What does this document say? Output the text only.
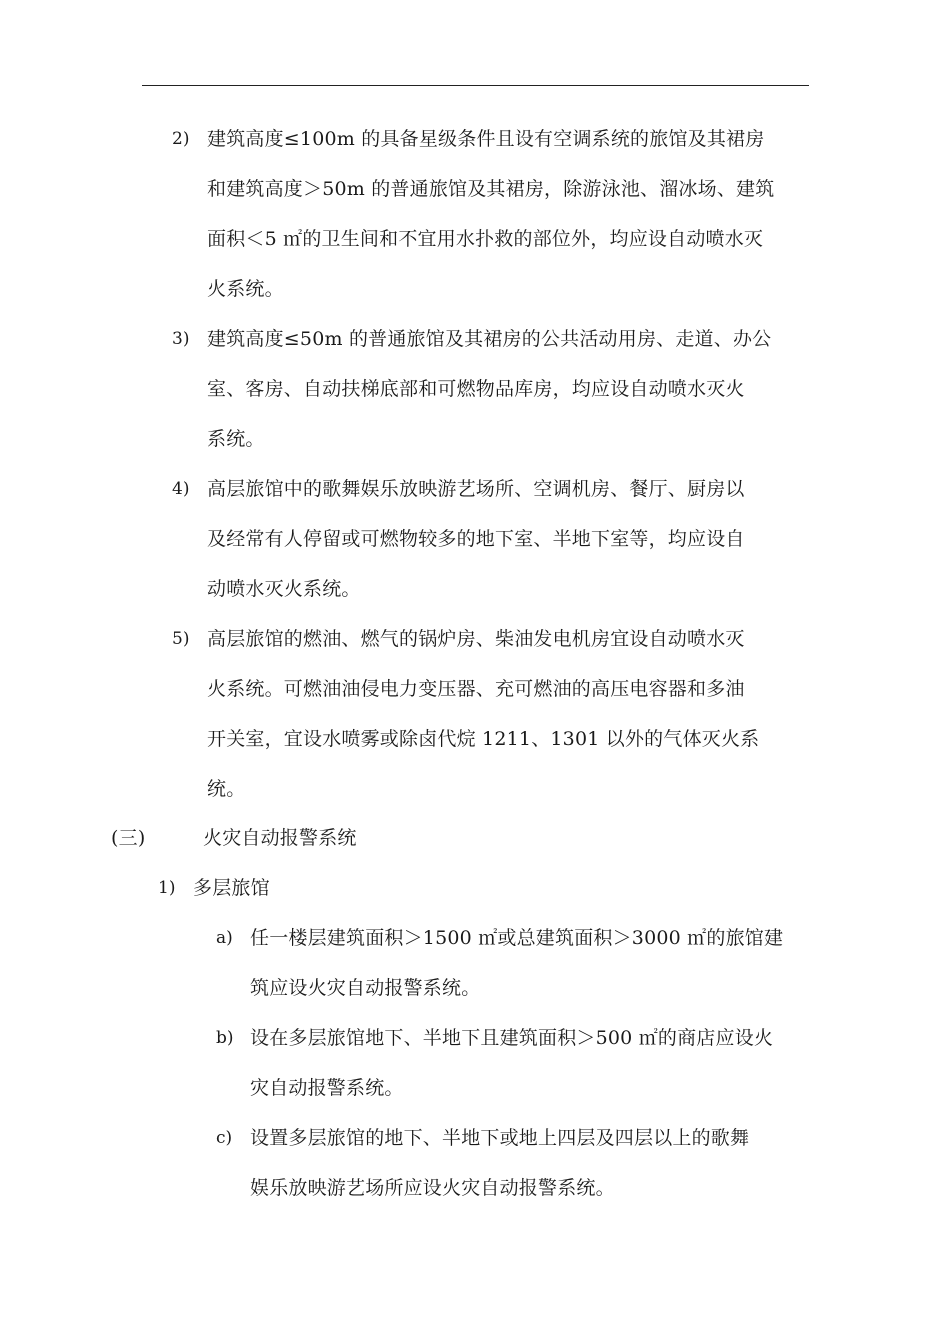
2) 建筑高度≤100m 的具备星级条件且设有空调系统的旅馆及其裙房
和建筑高度＞50m 的普通旅馆及其裙房，除游泳池、溜冰场、建筑
面积＜5 ㎡的卫生间和不宜用水扑救的部位外，均应设自动喷水灭
火系统。
3) 建筑高度≤50m 的普通旅馆及其裙房的公共活动用房、走道、办公
室、客房、自动扶梯底部和可燃物品库房，均应设自动喷水灭火
系统。
4) 高层旅馆中的歌舞娱乐放映游艺场所、空调机房、餐厅、厨房以
及经常有人停留或可燃物较多的地下室、半地下室等，均应设自
动喷水灭火系统。
5) 高层旅馆的燃油、燃气的锅炉房、柴油发电机房宜设自动喷水灭
火系统。可燃油油侵电力变压器、充可燃油的高压电容器和多油
开关室，宜设水喷雾或除卤代烷 1211、1301 以外的气体灭火系
统。
(三)	火灾自动报警系统
1) 多层旅馆
a) 任一楼层建筑面积＞1500 ㎡或总建筑面积＞3000 ㎡的旅馆建
筑应设火灾自动报警系统。
b) 设在多层旅馆地下、半地下且建筑面积＞500 ㎡的商店应设火
灾自动报警系统。
c) 设置多层旅馆的地下、半地下或地上四层及四层以上的歌舞
娱乐放映游艺场所应设火灾自动报警系统。
